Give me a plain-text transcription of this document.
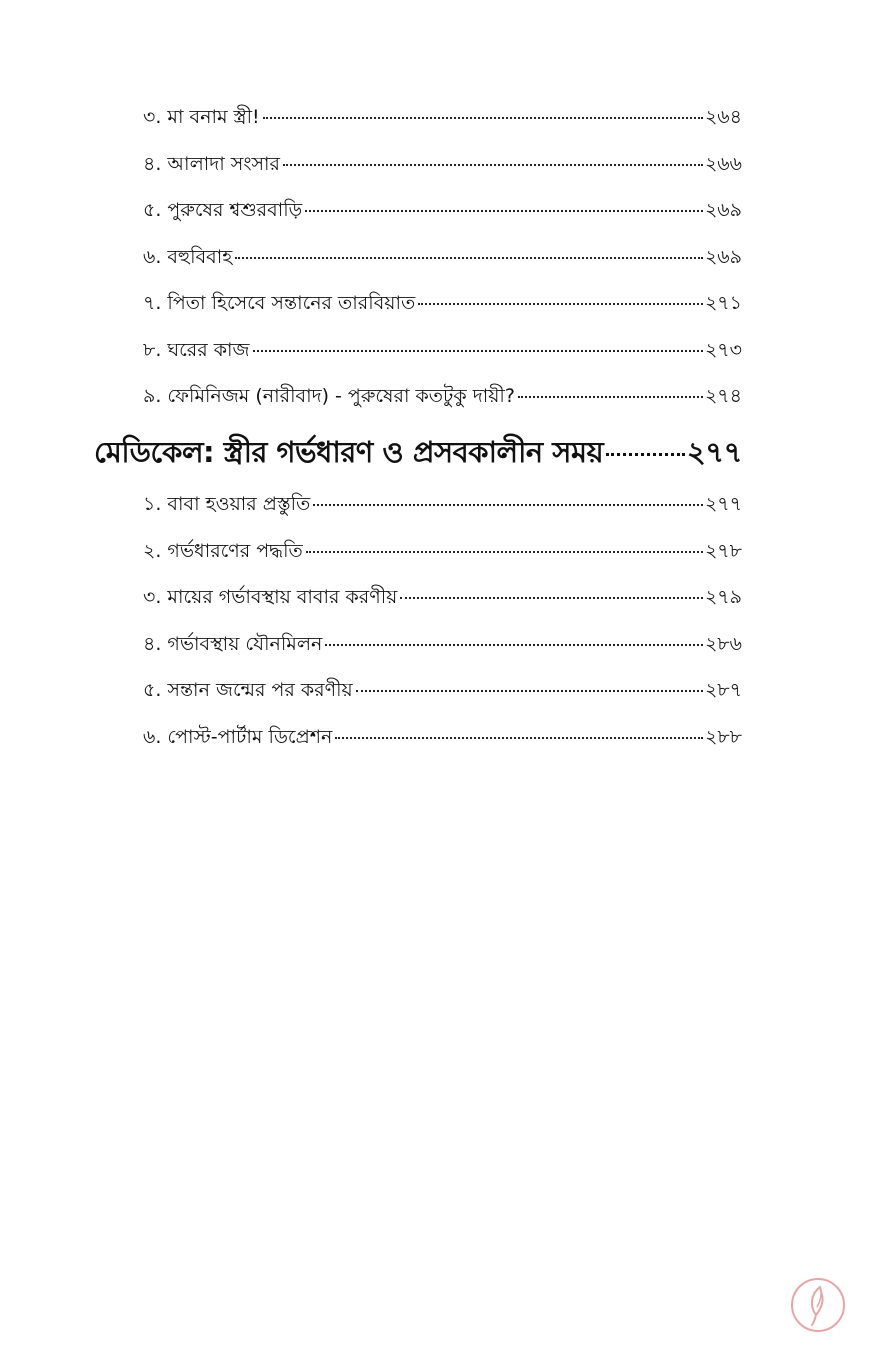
৩. মা বনাম স্ত্রী!	২৬৪
৪. আলাদা সংসার	২৬৬
৫. পুরুষের শ্বশুরবাড়ি	২৬৯
৬. বহুবিবাহ	২৬৯
৭. পিতা হিসেবে সন্তানের তারবিয়াত	২৭১
৮. ঘরের কাজ	২৭৩
৯. ফেমিনিজম (নারীবাদ) - পুরুষেরা কতটুকু দায়ী?	২৭৪
মেডিকেল: স্ত্রীর গর্ভধারণ ও প্রসবকালীন সময়	২৭৭
১. বাবা হওয়ার প্রস্তুতি	২৭৭
২. গর্ভধারণের পদ্ধতি	২৭৮
৩. মায়ের গর্ভাবস্থায় বাবার করণীয়	২৭৯
৪. গর্ভাবস্থায় যৌনমিলন	২৮৬
৫. সন্তান জন্মের পর করণীয়	২৮৭
৬. পোস্ট-পার্টাম ডিপ্রেশন	২৮৮
